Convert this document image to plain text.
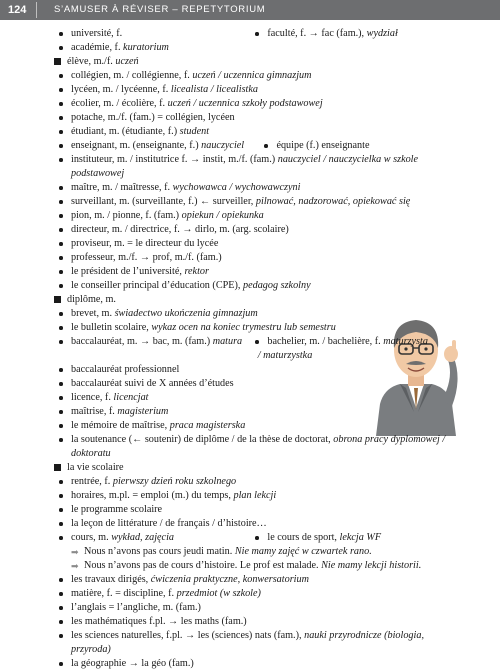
124	S’AMUSER À RÉVISER – REPETYTORIUM
université, f.	faculté, f. → fac (fam.), wydział
académie, f. kuratorium
élève, m./f. uczeń
collégien, m. / collégienne, f. uczeń / uczennica gimnazjum
lycéen, m. / lycéenne, f. licealista / licealistka
écolier, m. / écolière, f. uczeń / uczennica szkoły podstawowej
potache, m./f. (fam.) = collégien, lycéen
étudiant, m. (étudiante, f.) student
enseignant, m. (enseignante, f.) nauczyciel	équipe (f.) enseignante
instituteur, m. / institutrice f. → instit, m./f. (fam.) nauczyciel / nauczycielka w szkole
podstawowej
maître, m. / maîtresse, f. wychowawca / wychowawczyni
surveillant, m. (surveillante, f.) ← surveiller, pilnować, nadzorować, opiekować się
pion, m. / pionne, f. (fam.) opiekun / opiekunka
directeur, m. / directrice, f. → dirlo, m. (arg. scolaire)
proviseur, m. = le directeur du lycée
professeur, m./f. → prof, m./f. (fam.)
le président de l’université, rektor
le conseiller principal d’éducation (CPE), pedagog szkolny
diplôme, m.
brevet, m. świadectwo ukończenia gimnazjum
le bulletin scolaire, wykaz ocen na koniec trymestru lub semestru
baccalauréat, m. → bac, m. (fam.) matura	bachelier, m. / bachelière, f. maturzysta
/ maturzystka
baccalauréat professionnel
baccalauréat suivi de X années d’études
licence, f. licencjat
maîtrise, f. magisterium
le mémoire de maîtrise, praca magisterska
la soutenance (← soutenir) de diplôme / de la thèse de doctorat, obrona pracy dyplomowej /
doktoratu
la vie scolaire
rentrée, f. pierwszy dzień roku szkolnego
horaires, m.pl. = emploi (m.) du temps, plan lekcji
le programme scolaire
la leçon de littérature / de français / d’histoire…
cours, m. wykład, zajęcia	le cours de sport, lekcja WF
➡ Nous n’avons pas cours jeudi matin. Nie mamy zajęć w czwartek rano.
➡ Nous n’avons pas de cours d’histoire. Le prof est malade. Nie mamy lekcji historii.
les travaux dirigés, ćwiczenia praktyczne, konwersatorium
matière, f. = discipline, f. przedmiot (w szkole)
l’anglais = l’angliche, m. (fam.)
les mathématiques f.pl. → les maths (fam.)
les sciences naturelles, f.pl. → les (sciences) nats (fam.), nauki przyrodnicze (biologia, przyroda)
la géographie → la géo (fam.)
